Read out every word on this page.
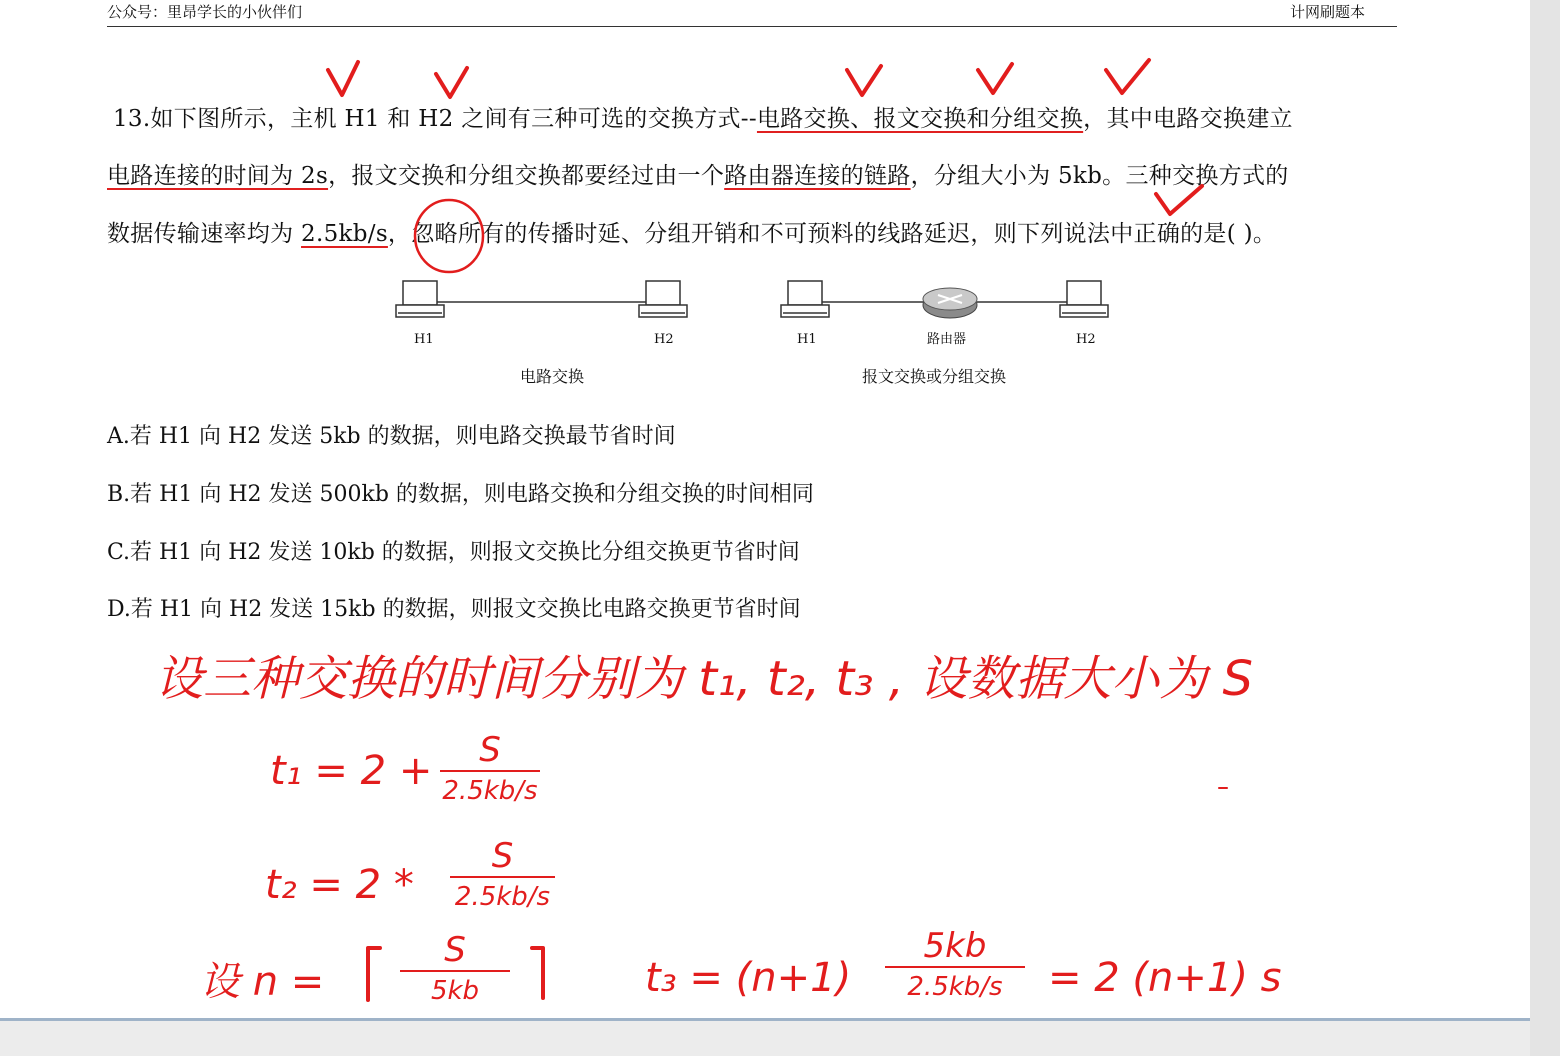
公众号：里昂学长的小伙伴们	计网刷题本
13.如下图所示，主机 H1 和 H2 之间有三种可选的交换方式--电路交换、报文交换和分组交换，其中电路交换建立
电路连接的时间为 2s，报文交换和分组交换都要经过由一个路由器连接的链路，分组大小为 5kb。三种交换方式的
数据传输速率均为 2.5kb/s，忽略所有的传播时延、分组开销和不可预料的线路延迟，则下列说法中正确的是( )。
H1	H2
电路交换
H1	路由器	H2
报文交换或分组交换
A.若 H1 向 H2 发送 5kb 的数据，则电路交换最节省时间
B.若 H1 向 H2 发送 500kb 的数据，则电路交换和分组交换的时间相同
C.若 H1 向 H2 发送 10kb 的数据，则报文交换比分组交换更节省时间
D.若 H1 向 H2 发送 15kb 的数据，则报文交换比电路交换更节省时间
设三种交换的时间分别为 t₁, t₂, t₃ , 设数据大小为 S
t₁ = 2 +	S
2.5kb/s
t₂ = 2 *
S
2.5kb/s
设 n =
S
5kb	t₃ = (n+1)
5kb
2.5kb/s	= 2 (n+1) s
